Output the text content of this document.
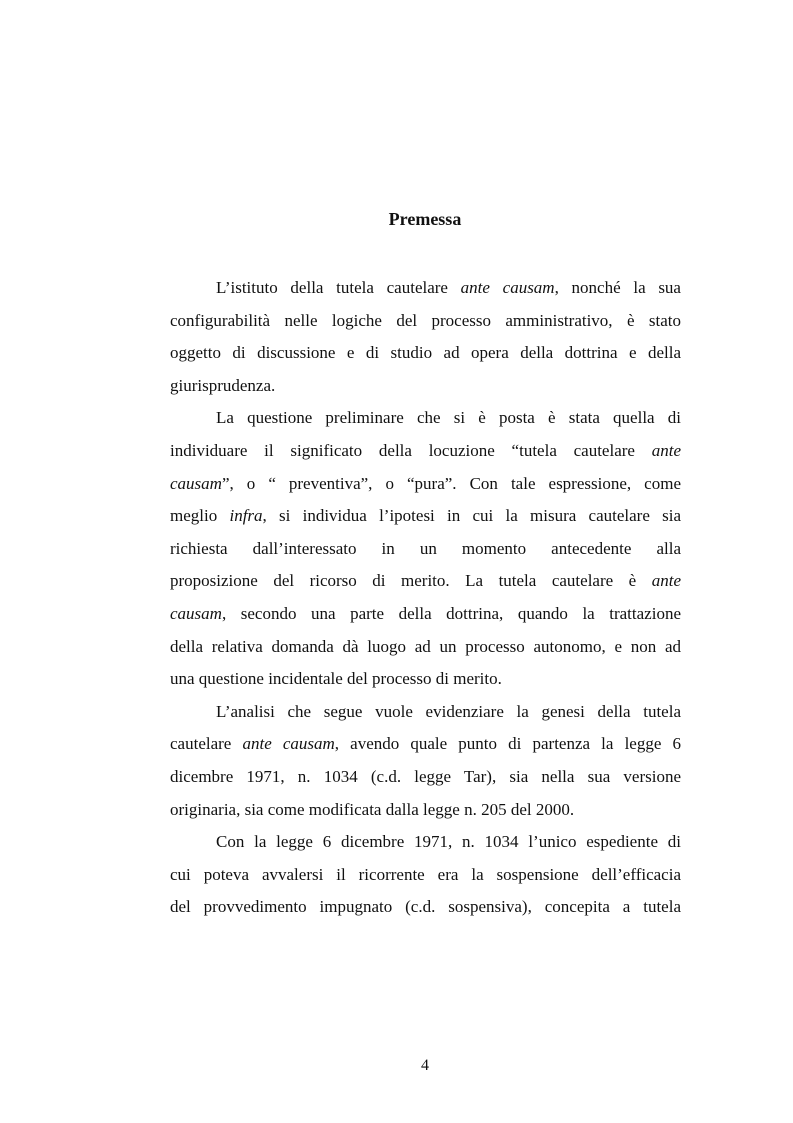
Premessa
L’istituto della tutela cautelare ante causam, nonché la sua
configurabilità nelle logiche del processo amministrativo, è stato
oggetto di discussione e di studio ad opera della dottrina e della
giurisprudenza.
La questione preliminare che si è posta è stata quella di
individuare il significato della locuzione “tutela cautelare ante
causam”, o “ preventiva”, o “pura”. Con tale espressione, come
meglio infra, si individua l’ipotesi in cui la misura cautelare sia
richiesta dall’interessato in un momento antecedente alla
proposizione del ricorso di merito. La tutela cautelare è ante
causam, secondo una parte della dottrina, quando la trattazione
della relativa domanda dà luogo ad un processo autonomo, e non ad
una questione incidentale del processo di merito.
L’analisi che segue vuole evidenziare la genesi della tutela
cautelare ante causam, avendo quale punto di partenza la legge 6
dicembre 1971, n. 1034 (c.d. legge Tar), sia nella sua versione
originaria, sia come modificata dalla legge n. 205 del 2000.
Con la legge 6 dicembre 1971, n. 1034 l’unico espediente di
cui poteva avvalersi il ricorrente era la sospensione dell’efficacia
del provvedimento impugnato (c.d. sospensiva), concepita a tutela
4
